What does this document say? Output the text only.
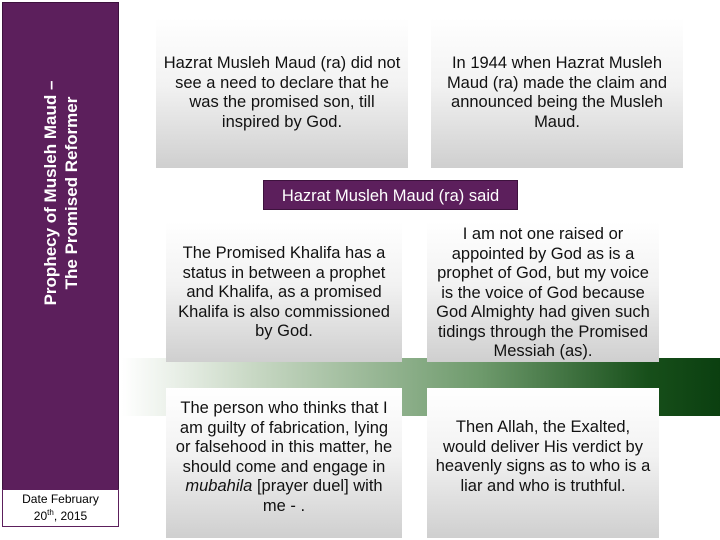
Prophecy of Musleh Maud – The Promised Reformer
Date February
20th, 2015
Hazrat Musleh Maud (ra) did not see a need to declare that he was the promised son, till inspired by God.
In 1944 when Hazrat Musleh Maud (ra) made the claim and announced being the Musleh Maud.
Hazrat Musleh Maud (ra) said
The Promised Khalifa has a status in between a prophet and Khalifa, as a promised Khalifa is also commissioned by God.
I am not one raised or appointed by God as is a prophet of God, but my voice is the voice of God because God Almighty had given such tidings through the Promised Messiah (as).
The person who thinks that I am guilty of fabrication, lying or falsehood in this matter, he should come and engage in mubahila [prayer duel] with me - .
Then Allah, the Exalted, would deliver His verdict by heavenly signs as to who is a liar and who is truthful.
